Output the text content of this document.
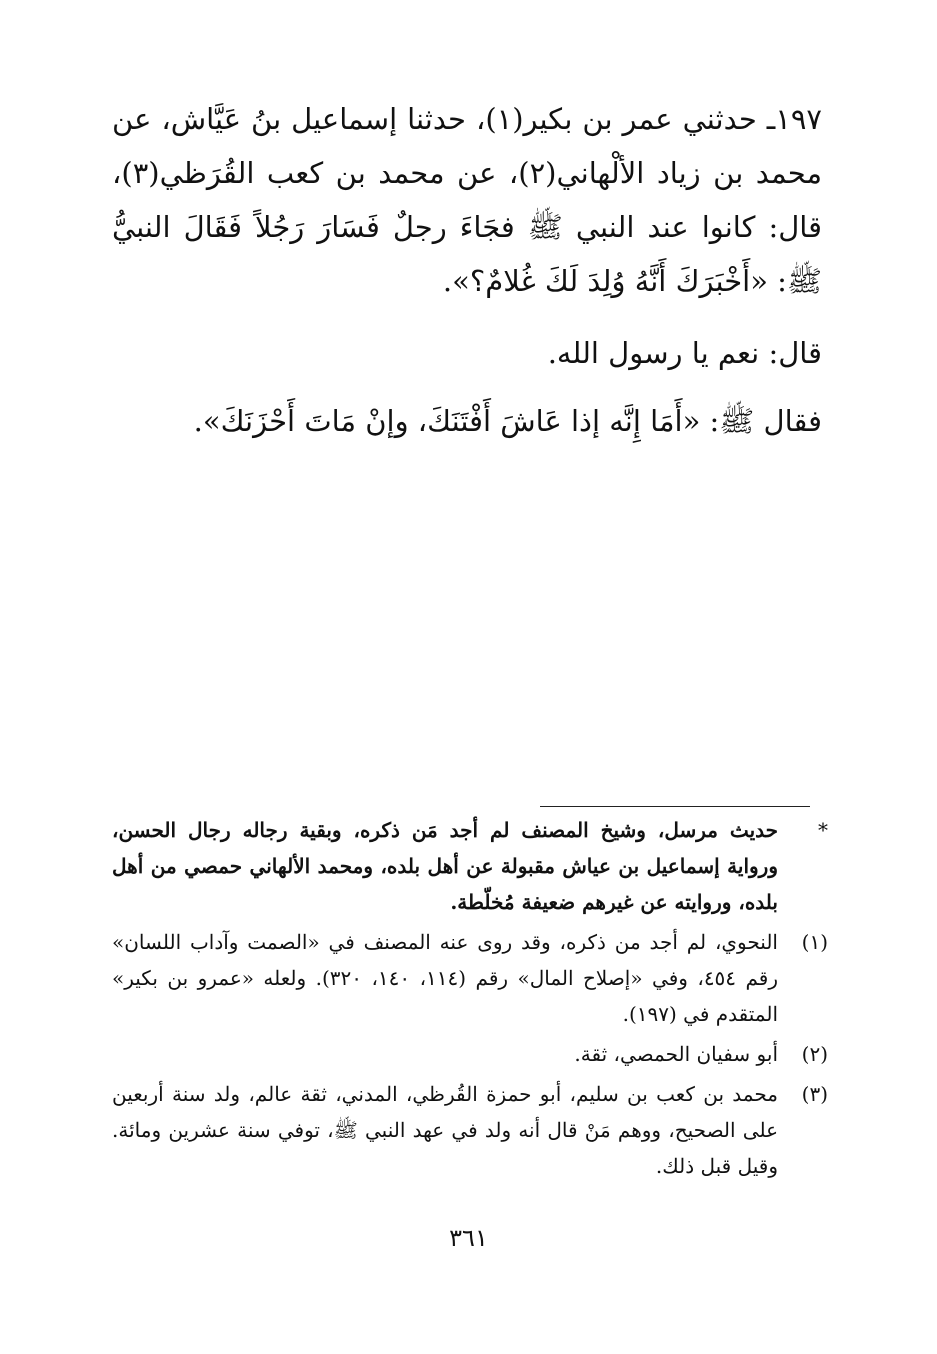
١٩٧ـ حدثني عمر بن بكير(١)، حدثنا إسماعيل بنُ عَيَّاش، عن محمد بن زياد الألْهاني(٢)، عن محمد بن كعب القُرَظي(٣)، قال: كانوا عند النبي ﷺ فجَاءَ رجلٌ فَسَارَ رَجُلاً فَقَالَ النبيُّ ﷺ: «أَخْبَرَكَ أَنَّهُ وُلِدَ لَكَ غُلامٌ؟».

قال: نعم يا رسول الله.

فقال ﷺ: «أَمَا إِنَّه إذا عَاشَ أَفْتَنَكَ، وإنْ مَاتَ أَحْزَنَكَ».

*
حديث مرسل، وشيخ المصنف لم أجد مَن ذكره، وبقية رجاله رجال الحسن، ورواية إسماعيل بن عياش مقبولة عن أهل بلده، ومحمد الألهاني حمصي من أهل بلده، وروايته عن غيرهم ضعيفة مُخلّطة.
(١)
النحوي، لم أجد من ذكره، وقد روى عنه المصنف في «الصمت وآداب اللسان» رقم ٤٥٤، وفي «إصلاح المال» رقم (١١٤، ١٤٠، ٣٢٠). ولعله «عمرو بن بكير» المتقدم في (١٩٧).
(٢)
أبو سفيان الحمصي، ثقة.
(٣)
محمد بن كعب بن سليم، أبو حمزة القُرظي، المدني، ثقة عالم، ولد سنة أربعين على الصحيح، ووهم مَنْ قال أنه ولد في عهد النبي ﷺ، توفي سنة عشرين ومائة. وقيل قبل ذلك.
٣٦١
